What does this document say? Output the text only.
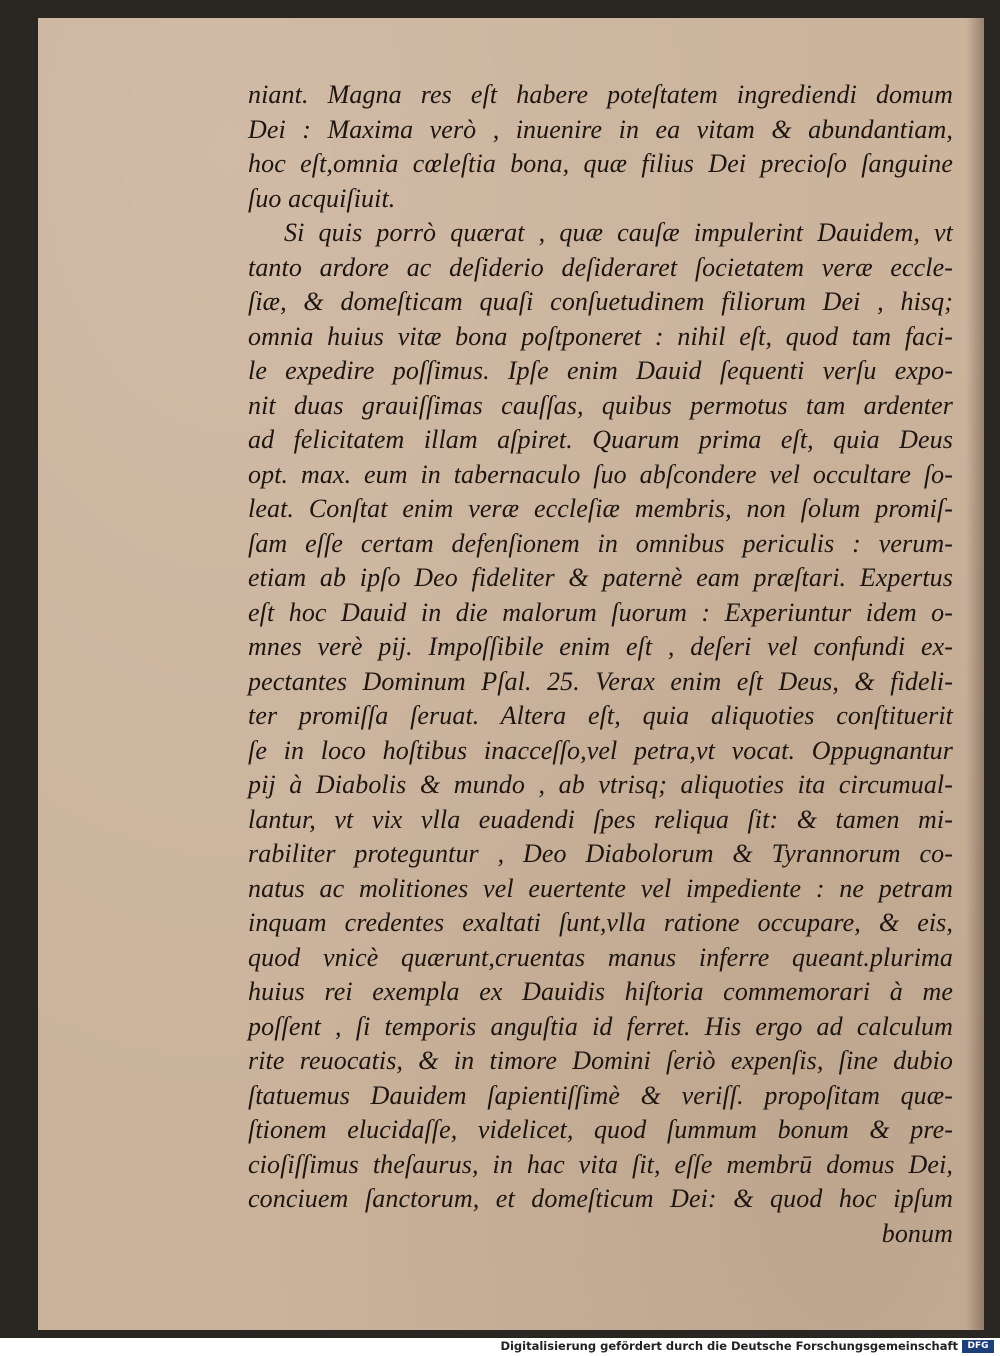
niant. Magna res eſt habere poteſtatem ingrediendi domum
Dei : Maxima verò , inuenire in ea vitam & abundantiam,
hoc eſt,omnia cœleſtia bona, quæ filius Dei precioſo ſanguine
ſuo acquiſiuit.
Si quis porrò quærat , quæ cauſæ impulerint Dauidem, vt
tanto ardore ac deſiderio deſideraret ſocietatem veræ eccle-
ſiæ, & domeſticam quaſi conſuetudinem filiorum Dei , hisq;
omnia huius vitæ bona poſtponeret : nihil eſt, quod tam faci-
le expedire poſſimus. Ipſe enim Dauid ſequenti verſu expo-
nit duas grauiſſimas cauſſas, quibus permotus tam ardenter
ad felicitatem illam aſpiret. Quarum prima eſt, quia Deus
opt. max. eum in tabernaculo ſuo abſcondere vel occultare ſo-
leat. Conſtat enim veræ eccleſiæ membris, non ſolum promiſ-
ſam eſſe certam defenſionem in omnibus periculis : verum-
etiam ab ipſo Deo fideliter & paternè eam præſtari. Expertus
eſt hoc Dauid in die malorum ſuorum : Experiuntur idem o-
mnes verè pij. Impoſſibile enim eſt , deſeri vel confundi ex-
pectantes Dominum Pſal. 25. Verax enim eſt Deus, & fideli-
ter promiſſa ſeruat. Altera eſt, quia aliquoties conſtituerit
ſe in loco hoſtibus inacceſſo,vel petra,vt vocat. Oppugnantur
pij à Diabolis & mundo , ab vtrisq; aliquoties ita circumual-
lantur, vt vix vlla euadendi ſpes reliqua ſit: & tamen mi-
rabiliter proteguntur , Deo Diabolorum & Tyrannorum co-
natus ac molitiones vel euertente vel impediente : ne petram
inquam credentes exaltati ſunt,vlla ratione occupare, & eis,
quod vnicè quærunt,cruentas manus inferre queant.plurima
huius rei exempla ex Dauidis hiſtoria commemorari à me
poſſent , ſi temporis anguſtia id ferret. His ergo ad calculum
rite reuocatis, & in timore Domini ſeriò expenſis, ſine dubio
ſtatuemus Dauidem ſapientiſſimè & veriſſ. propoſitam quæ-
ſtionem elucidaſſe, videlicet, quod ſummum bonum & pre-
cioſiſſimus theſaurus, in hac vita ſit, eſſe membrū domus Dei,
conciuem ſanctorum, et domeſticum Dei: & quod hoc ipſum
bonum
Digitalisierung gefördert durch die Deutsche Forschungsgemeinschaft	DFG
